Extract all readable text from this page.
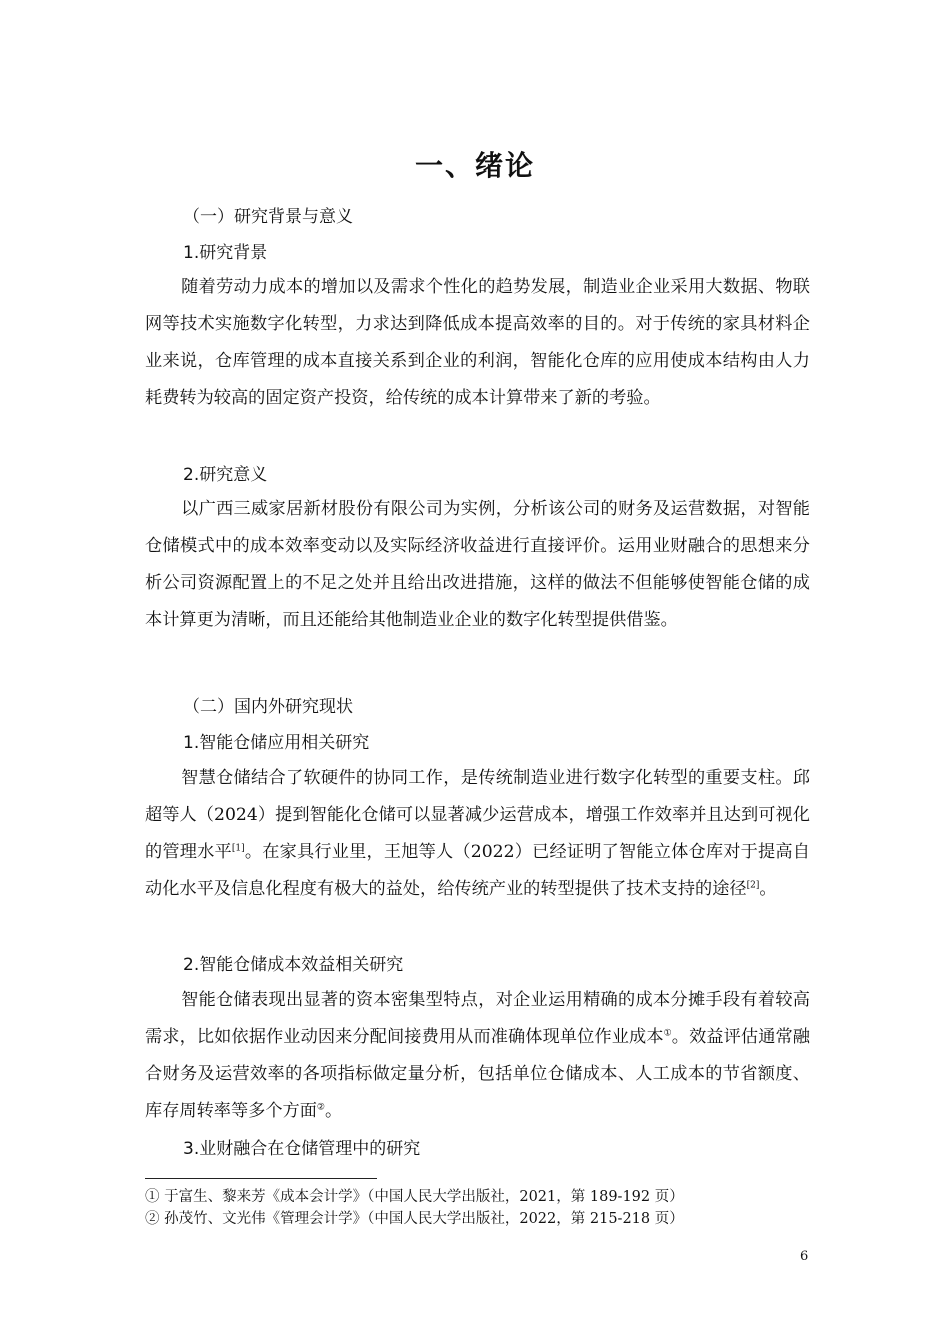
一、绪论
（一）研究背景与意义
1.研究背景

随着劳动力成本的增加以及需求个性化的趋势发展，制造业企业采用大数据、物联网等技术实施数字化转型，力求达到降低成本提高效率的目的。对于传统的家具材料企业来说，仓库管理的成本直接关系到企业的利润，智能化仓库的应用使成本结构由人力耗费转为较高的固定资产投资，给传统的成本计算带来了新的考验。

2.研究意义

以广西三威家居新材股份有限公司为实例，分析该公司的财务及运营数据，对智能仓储模式中的成本效率变动以及实际经济收益进行直接评价。运用业财融合的思想来分析公司资源配置上的不足之处并且给出改进措施，这样的做法不但能够使智能仓储的成本计算更为清晰，而且还能给其他制造业企业的数字化转型提供借鉴。

（二）国内外研究现状
1.智能仓储应用相关研究

智慧仓储结合了软硬件的协同工作，是传统制造业进行数字化转型的重要支柱。邱超等人（2024）提到智能化仓储可以显著减少运营成本，增强工作效率并且达到可视化的管理水平[1]。在家具行业里，王旭等人（2022）已经证明了智能立体仓库对于提高自动化水平及信息化程度有极大的益处，给传统产业的转型提供了技术支持的途径[2]。

2.智能仓储成本效益相关研究

智能仓储表现出显著的资本密集型特点，对企业运用精确的成本分摊手段有着较高需求，比如依据作业动因来分配间接费用从而准确体现单位作业成本①。效益评估通常融合财务及运营效率的各项指标做定量分析，包括单位仓储成本、人工成本的节省额度、库存周转率等多个方面②。

3.业财融合在仓储管理中的研究
① 于富生、黎来芳《成本会计学》（中国人民大学出版社，2021，第 189-192 页）
② 孙茂竹、文光伟《管理会计学》（中国人民大学出版社，2022，第 215-218 页）
6
